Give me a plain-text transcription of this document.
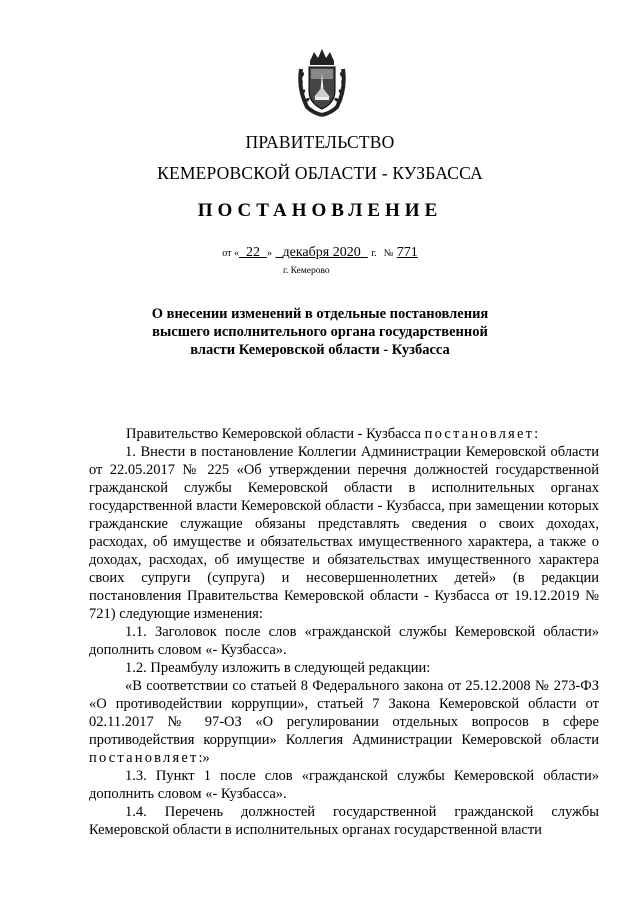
ПРАВИТЕЛЬСТВО
КЕМЕРОВСКОЙ ОБЛАСТИ - КУЗБАССА
ПОСТАНОВЛЕНИЕ
от « 22 » декабря 2020 г. № 771
г. Кемерово
О внесении изменений в отдельные постановления высшего исполнительного органа государственной власти Кемеровской области - Кузбасса

Правительство Кемеровской области - Кузбасса постановляет:

1. Внести в постановление Коллегии Администрации Кемеровской области от 22.05.2017 № 225 «Об утверждении перечня должностей государственной гражданской службы Кемеровской области в исполнительных органах государственной власти Кемеровской области - Кузбасса, при замещении которых гражданские служащие обязаны представлять сведения о своих доходах, расходах, об имуществе и обязательствах имущественного характера, а также о доходах, расходах, об имуществе и обязательствах имущественного характера своих супруги (супруга) и несовершеннолетних детей» (в редакции постановления Правительства Кемеровской области - Кузбасса от 19.12.2019 № 721) следующие изменения:

1.1. Заголовок после слов «гражданской службы Кемеровской области» дополнить словом «- Кузбасса».

1.2. Преамбулу изложить в следующей редакции:

«В соответствии со статьей 8 Федерального закона от 25.12.2008 № 273-ФЗ «О противодействии коррупции», статьей 7 Закона Кемеровской области от 02.11.2017 № 97-ОЗ «О регулировании отдельных вопросов в сфере противодействия коррупции» Коллегия Администрации Кемеровской области постановляет:»

1.3. Пункт 1 после слов «гражданской службы Кемеровской области» дополнить словом «- Кузбасса».

1.4. Перечень должностей государственной гражданской службы Кемеровской области в исполнительных органах государственной власти
